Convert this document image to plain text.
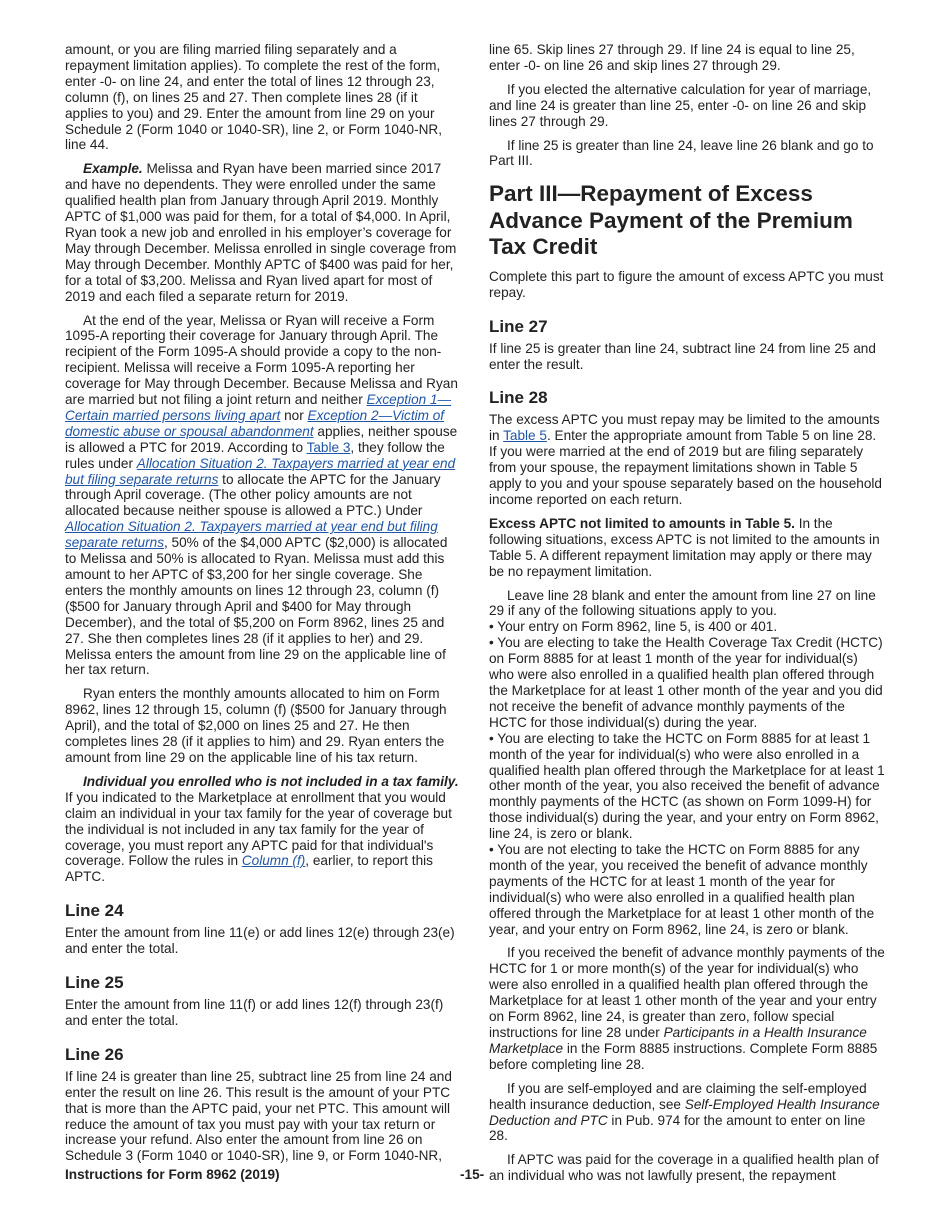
amount, or you are filing married filing separately and a repayment limitation applies). To complete the rest of the form, enter -0- on line 24, and enter the total of lines 12 through 23, column (f), on lines 25 and 27. Then complete lines 28 (if it applies to you) and 29. Enter the amount from line 29 on your Schedule 2 (Form 1040 or 1040-SR), line 2, or Form 1040-NR, line 44.

Example. Melissa and Ryan have been married since 2017 and have no dependents. They were enrolled under the same qualified health plan from January through April 2019. Monthly APTC of $1,000 was paid for them, for a total of $4,000. In April, Ryan took a new job and enrolled in his employer’s coverage for May through December. Melissa enrolled in single coverage from May through December. Monthly APTC of $400 was paid for her, for a total of $3,200. Melissa and Ryan lived apart for most of 2019 and each filed a separate return for 2019.

At the end of the year, Melissa or Ryan will receive a Form 1095-A reporting their coverage for January through April. The recipient of the Form 1095-A should provide a copy to the non-recipient. Melissa will receive a Form 1095-A reporting her coverage for May through December. Because Melissa and Ryan are married but not filing a joint return and neither Exception 1—Certain married persons living apart nor Exception 2—Victim of domestic abuse or spousal abandonment applies, neither spouse is allowed a PTC for 2019. According to Table 3, they follow the rules under Allocation Situation 2. Taxpayers married at year end but filing separate returns to allocate the APTC for the January through April coverage. (The other policy amounts are not allocated because neither spouse is allowed a PTC.) Under Allocation Situation 2. Taxpayers married at year end but filing separate returns, 50% of the $4,000 APTC ($2,000) is allocated to Melissa and 50% is allocated to Ryan. Melissa must add this amount to her APTC of $3,200 for her single coverage. She enters the monthly amounts on lines 12 through 23, column (f) ($500 for January through April and $400 for May through December), and the total of $5,200 on Form 8962, lines 25 and 27. She then completes lines 28 (if it applies to her) and 29. Melissa enters the amount from line 29 on the applicable line of her tax return.

Ryan enters the monthly amounts allocated to him on Form 8962, lines 12 through 15, column (f) ($500 for January through April), and the total of $2,000 on lines 25 and 27. He then completes lines 28 (if it applies to him) and 29. Ryan enters the amount from line 29 on the applicable line of his tax return.

Individual you enrolled who is not included in a tax family. If you indicated to the Marketplace at enrollment that you would claim an individual in your tax family for the year of coverage but the individual is not included in any tax family for the year of coverage, you must report any APTC paid for that individual's coverage. Follow the rules in Column (f), earlier, to report this APTC.

Line 24

Enter the amount from line 11(e) or add lines 12(e) through 23(e) and enter the total.

Line 25

Enter the amount from line 11(f) or add lines 12(f) through 23(f) and enter the total.

Line 26

If line 24 is greater than line 25, subtract line 25 from line 24 and enter the result on line 26. This result is the amount of your PTC that is more than the APTC paid, your net PTC. This amount will reduce the amount of tax you must pay with your tax return or increase your refund. Also enter the amount from line 26 on Schedule 3 (Form 1040 or 1040-SR), line 9, or Form 1040-NR,

line 65. Skip lines 27 through 29. If line 24 is equal to line 25, enter -0- on line 26 and skip lines 27 through 29.

If you elected the alternative calculation for year of marriage, and line 24 is greater than line 25, enter -0- on line 26 and skip lines 27 through 29.

If line 25 is greater than line 24, leave line 26 blank and go to Part III.

Part III—Repayment of Excess Advance Payment of the Premium Tax Credit

Complete this part to figure the amount of excess APTC you must repay.

Line 27

If line 25 is greater than line 24, subtract line 24 from line 25 and enter the result.

Line 28

The excess APTC you must repay may be limited to the amounts in Table 5. Enter the appropriate amount from Table 5 on line 28. If you were married at the end of 2019 but are filing separately from your spouse, the repayment limitations shown in Table 5 apply to you and your spouse separately based on the household income reported on each return.

Excess APTC not limited to amounts in Table 5. In the following situations, excess APTC is not limited to the amounts in Table 5. A different repayment limitation may apply or there may be no repayment limitation.

Leave line 28 blank and enter the amount from line 27 on line 29 if any of the following situations apply to you.

• Your entry on Form 8962, line 5, is 400 or 401.

• You are electing to take the Health Coverage Tax Credit (HCTC) on Form 8885 for at least 1 month of the year for individual(s) who were also enrolled in a qualified health plan offered through the Marketplace for at least 1 other month of the year and you did not receive the benefit of advance monthly payments of the HCTC for those individual(s) during the year.

• You are electing to take the HCTC on Form 8885 for at least 1 month of the year for individual(s) who were also enrolled in a qualified health plan offered through the Marketplace for at least 1 other month of the year, you also received the benefit of advance monthly payments of the HCTC (as shown on Form 1099-H) for those individual(s) during the year, and your entry on Form 8962, line 24, is zero or blank.

• You are not electing to take the HCTC on Form 8885 for any month of the year, you received the benefit of advance monthly payments of the HCTC for at least 1 month of the year for individual(s) who were also enrolled in a qualified health plan offered through the Marketplace for at least 1 other month of the year, and your entry on Form 8962, line 24, is zero or blank.

If you received the benefit of advance monthly payments of the HCTC for 1 or more month(s) of the year for individual(s) who were also enrolled in a qualified health plan offered through the Marketplace for at least 1 other month of the year and your entry on Form 8962, line 24, is greater than zero, follow special instructions for line 28 under Participants in a Health Insurance Marketplace in the Form 8885 instructions. Complete Form 8885 before completing line 28.

If you are self-employed and are claiming the self-employed health insurance deduction, see Self-Employed Health Insurance Deduction and PTC in Pub. 974 for the amount to enter on line 28.

If APTC was paid for the coverage in a qualified health plan of an individual who was not lawfully present, the repayment

Instructions for Form 8962 (2019)	-15-
